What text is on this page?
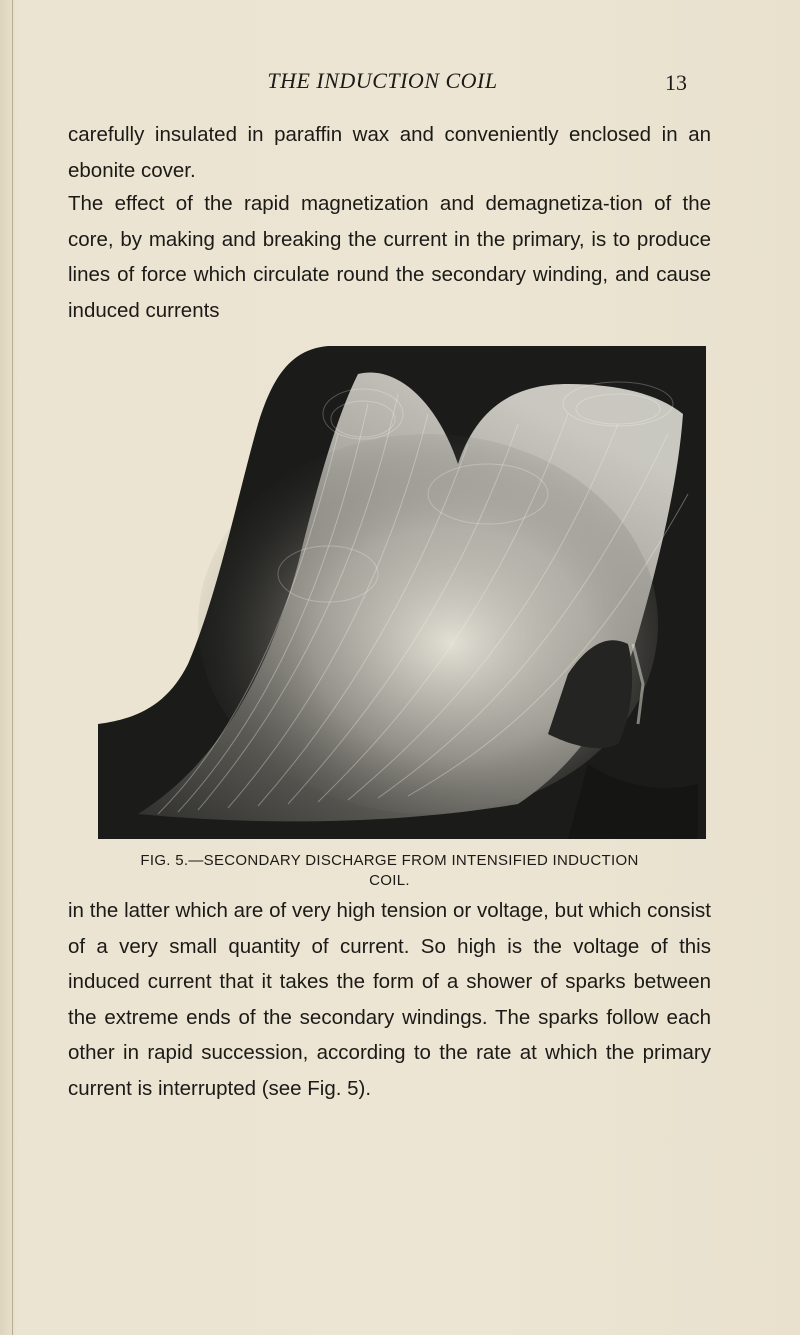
THE INDUCTION COIL	13

carefully insulated in paraffin wax and conveniently enclosed in an ebonite cover.

The effect of the rapid magnetization and demagnetiza-tion of the core, by making and breaking the current in the primary, is to produce lines of force which circulate round the secondary winding, and cause induced currents

FIG. 5.—SECONDARY DISCHARGE FROM INTENSIFIED INDUCTION
COIL.

in the latter which are of very high tension or voltage, but which consist of a very small quantity of current. So high is the voltage of this induced current that it takes the form of a shower of sparks between the extreme ends of the secondary windings. The sparks follow each other in rapid succession, according to the rate at which the primary current is interrupted (see Fig. 5).
